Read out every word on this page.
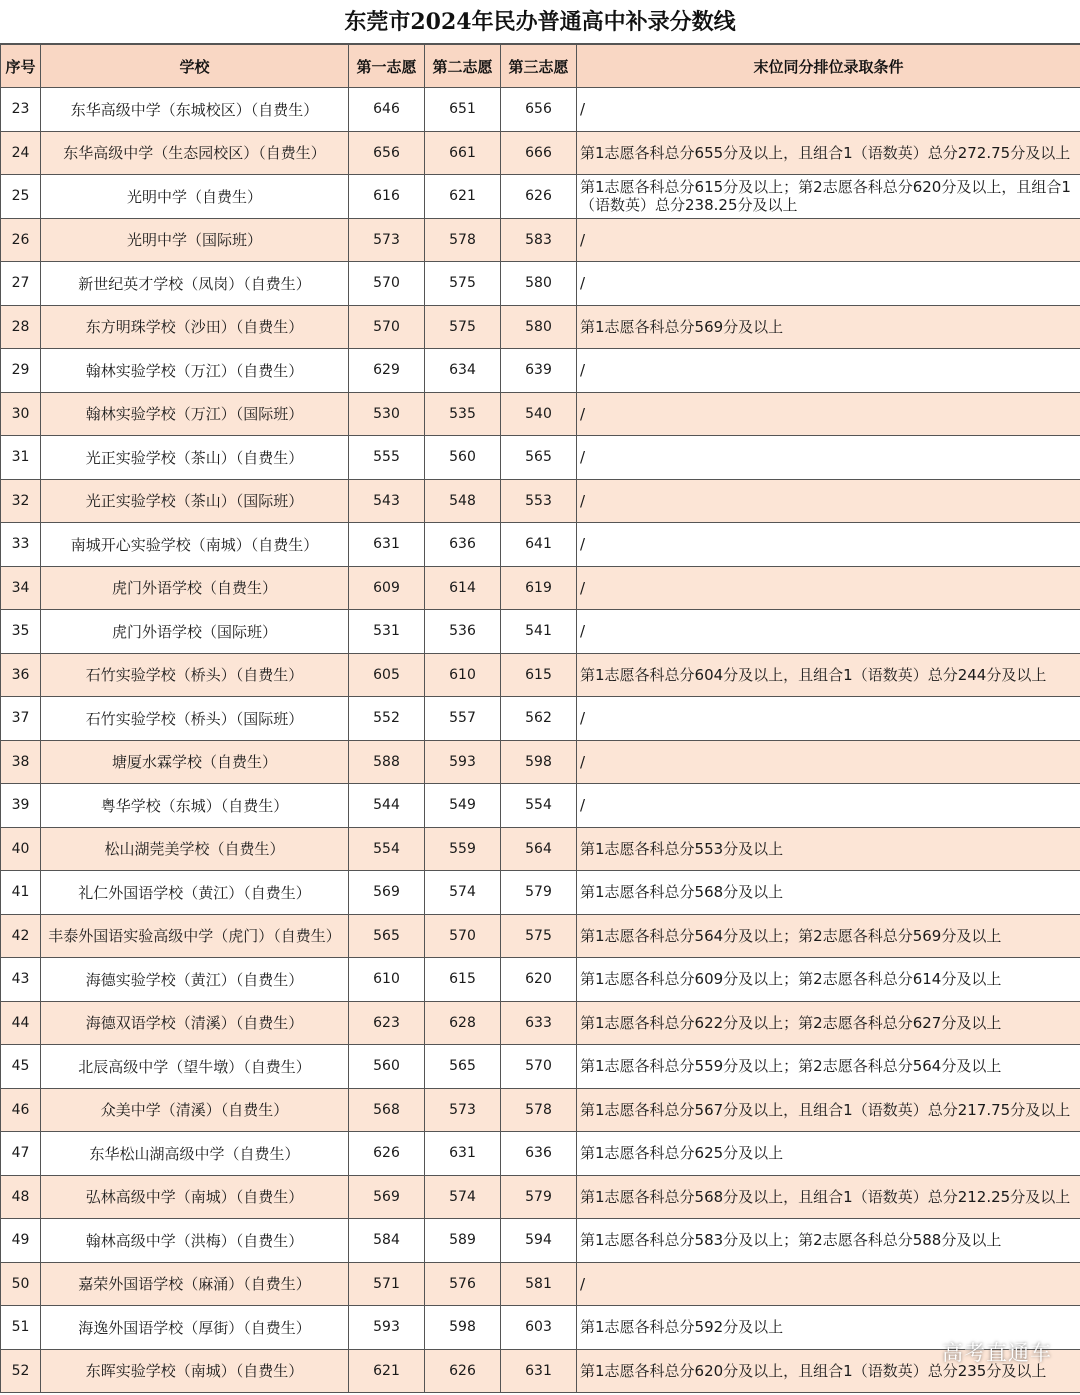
东莞市2024年民办普通高中补录分数线
序号	学校	第一志愿	第二志愿	第三志愿	末位同分排位录取条件
23	东华高级中学（东城校区）（自费生）	646	651	656	/
24	东华高级中学（生态园校区）（自费生）	656	661	666	第1志愿各科总分655分及以上，且组合1（语数英）总分272.75分及以上
25	光明中学（自费生）	616	621	626	第1志愿各科总分615分及以上；第2志愿各科总分620分及以上，且组合1（语数英）总分238.25分及以上
26	光明中学（国际班）	573	578	583	/
27	新世纪英才学校（凤岗）（自费生）	570	575	580	/
28	东方明珠学校（沙田）（自费生）	570	575	580	第1志愿各科总分569分及以上
29	翰林实验学校（万江）（自费生）	629	634	639	/
30	翰林实验学校（万江）（国际班）	530	535	540	/
31	光正实验学校（茶山）（自费生）	555	560	565	/
32	光正实验学校（茶山）（国际班）	543	548	553	/
33	南城开心实验学校（南城）（自费生）	631	636	641	/
34	虎门外语学校（自费生）	609	614	619	/
35	虎门外语学校（国际班）	531	536	541	/
36	石竹实验学校（桥头）（自费生）	605	610	615	第1志愿各科总分604分及以上，且组合1（语数英）总分244分及以上
37	石竹实验学校（桥头）（国际班）	552	557	562	/
38	塘厦水霖学校（自费生）	588	593	598	/
39	粤华学校（东城）（自费生）	544	549	554	/
40	松山湖莞美学校（自费生）	554	559	564	第1志愿各科总分553分及以上
41	礼仁外国语学校（黄江）（自费生）	569	574	579	第1志愿各科总分568分及以上
42	丰泰外国语实验高级中学（虎门）（自费生）	565	570	575	第1志愿各科总分564分及以上；第2志愿各科总分569分及以上
43	海德实验学校（黄江）（自费生）	610	615	620	第1志愿各科总分609分及以上；第2志愿各科总分614分及以上
44	海德双语学校（清溪）（自费生）	623	628	633	第1志愿各科总分622分及以上；第2志愿各科总分627分及以上
45	北辰高级中学（望牛墩）（自费生）	560	565	570	第1志愿各科总分559分及以上；第2志愿各科总分564分及以上
46	众美中学（清溪）（自费生）	568	573	578	第1志愿各科总分567分及以上，且组合1（语数英）总分217.75分及以上
47	东华松山湖高级中学（自费生）	626	631	636	第1志愿各科总分625分及以上
48	弘林高级中学（南城）（自费生）	569	574	579	第1志愿各科总分568分及以上，且组合1（语数英）总分212.25分及以上
49	翰林高级中学（洪梅）（自费生）	584	589	594	第1志愿各科总分583分及以上；第2志愿各科总分588分及以上
50	嘉荣外国语学校（麻涌）（自费生）	571	576	581	/
51	海逸外国语学校（厚街）（自费生）	593	598	603	第1志愿各科总分592分及以上
52	东晖实验学校（南城）（自费生）	621	626	631	第1志愿各科总分620分及以上，且组合1（语数英）总分235分及以上
高考直通车
